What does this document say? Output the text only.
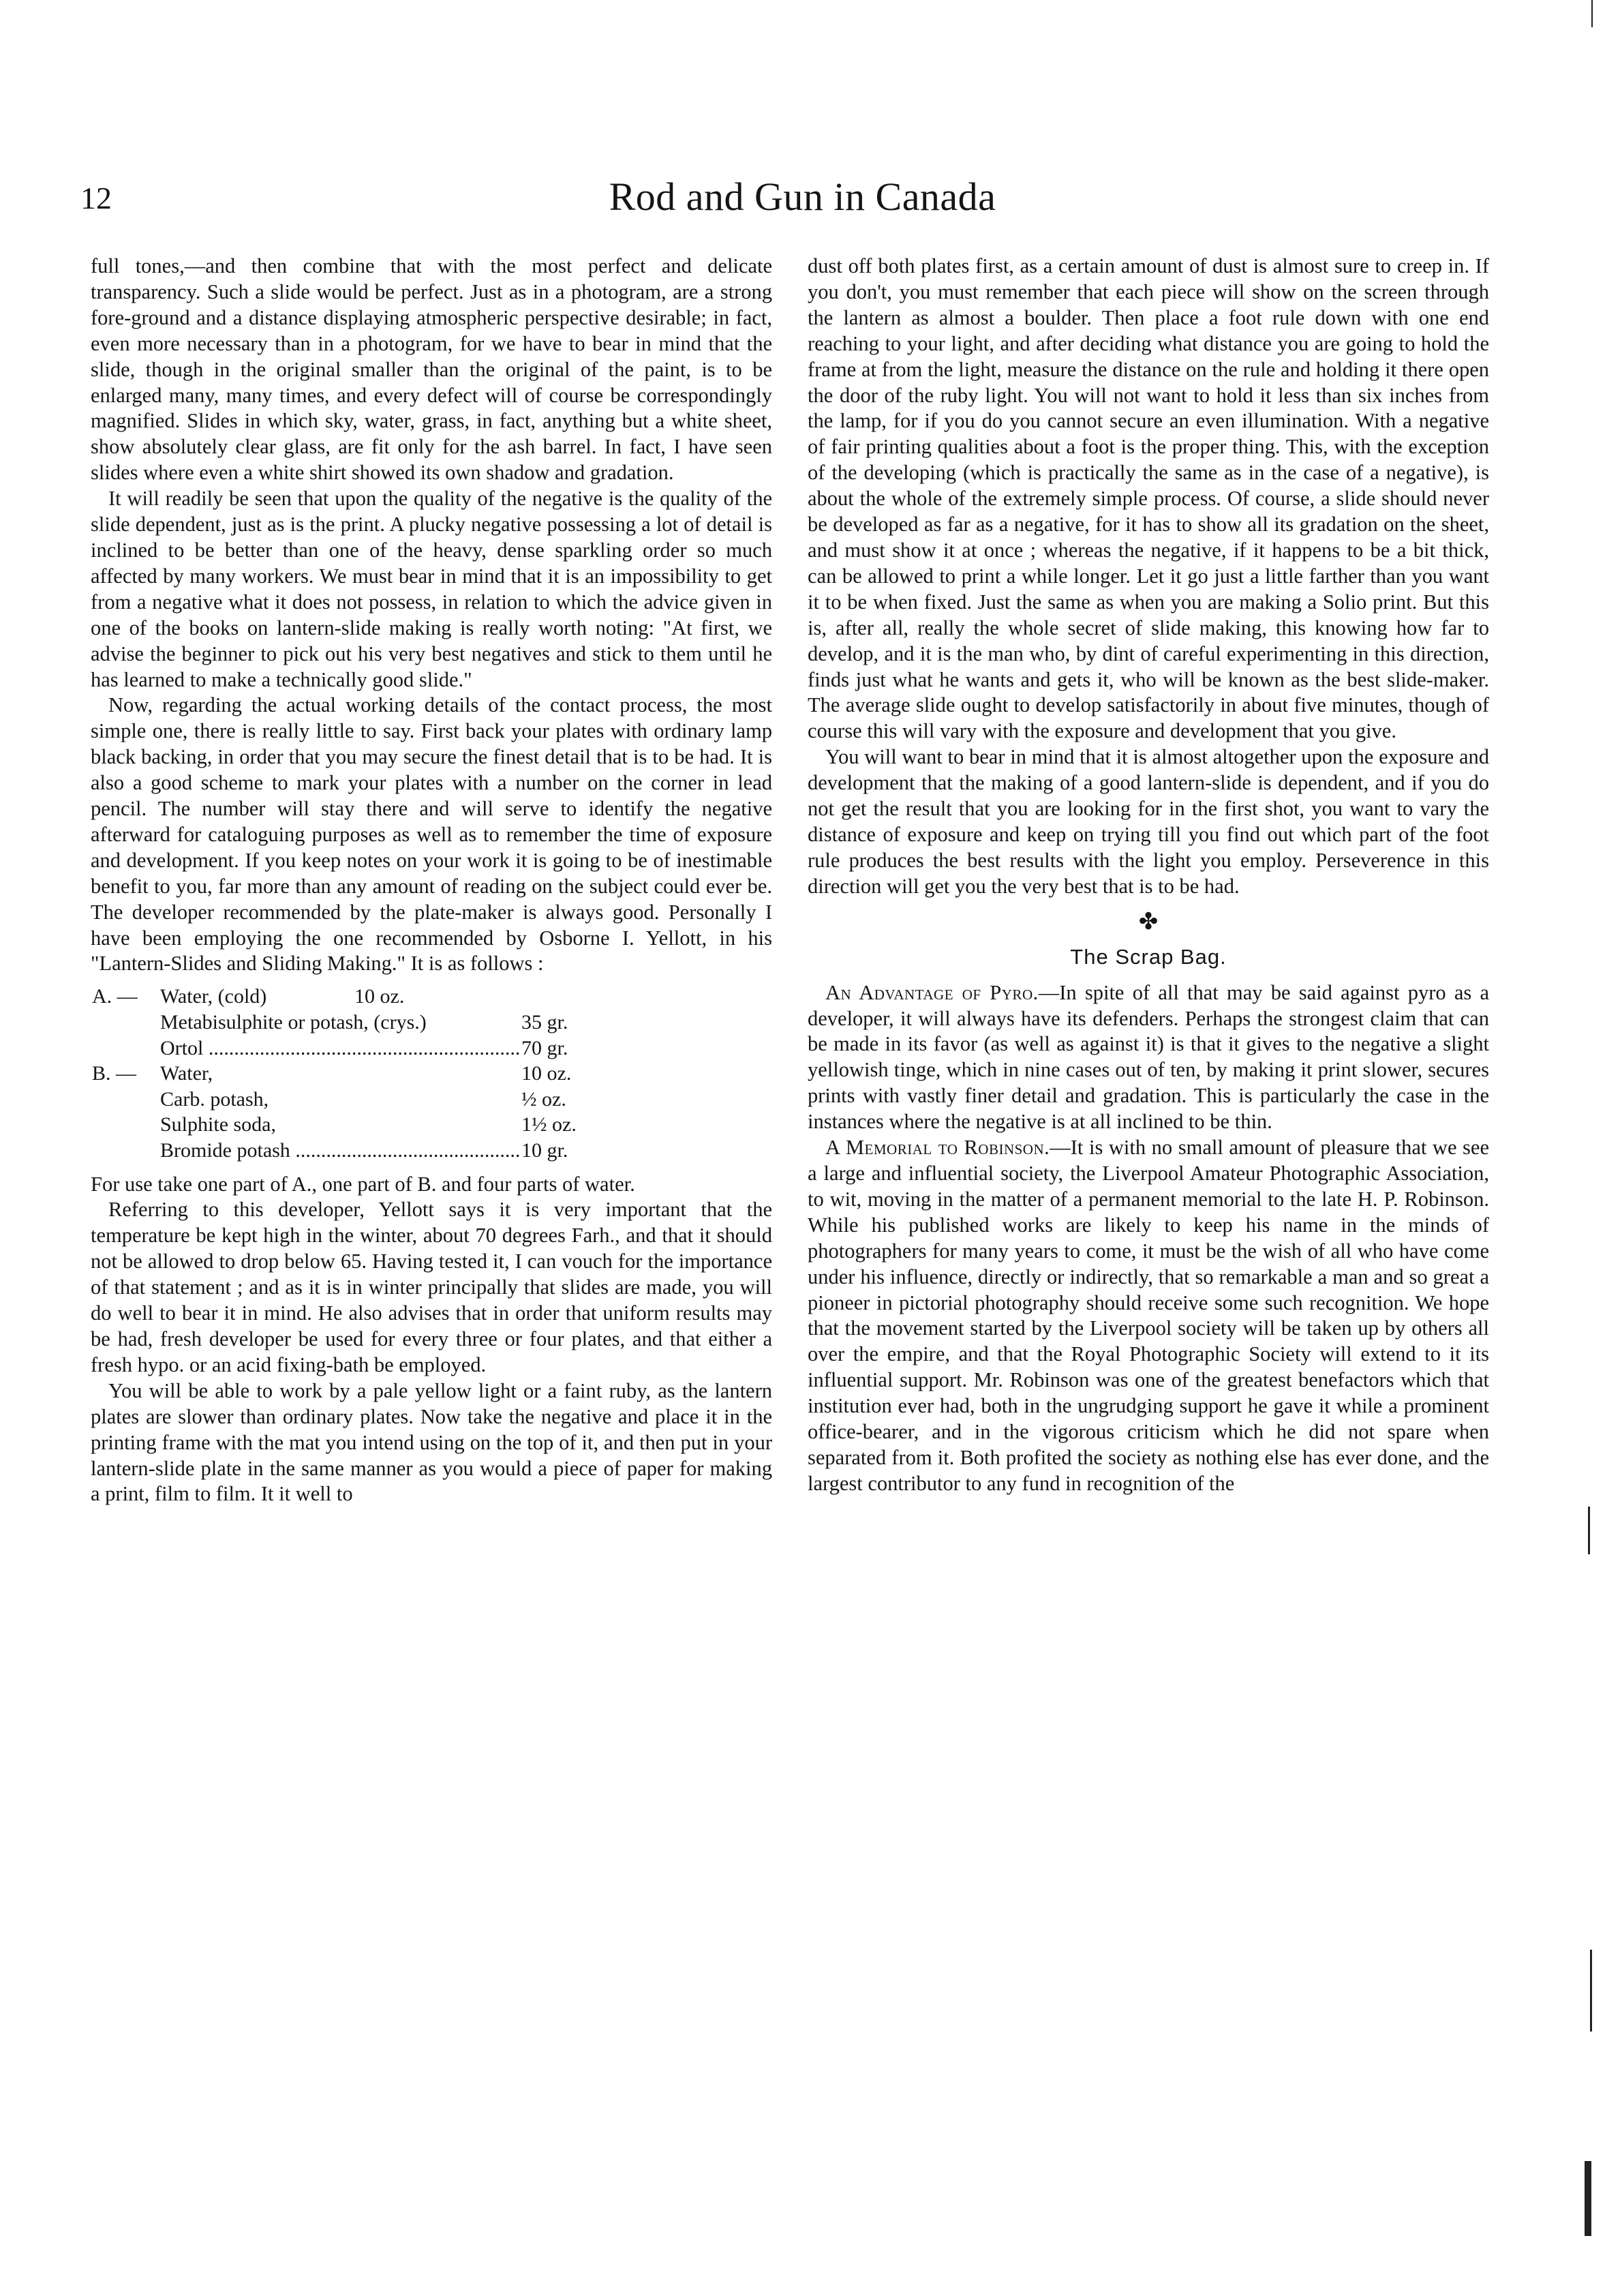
12	Rod and Gun in Canada

full tones,—and then combine that with the most perfect and delicate transparency. Such a slide would be perfect. Just as in a photogram, are a strong fore-ground and a distance displaying atmospheric perspective desirable; in fact, even more necessary than in a photogram, for we have to bear in mind that the slide, though in the original smaller than the original of the paint, is to be enlarged many, many times, and every defect will of course be correspondingly magnified. Slides in which sky, water, grass, in fact, anything but a white sheet, show absolutely clear glass, are fit only for the ash barrel. In fact, I have seen slides where even a white shirt showed its own shadow and gradation.

It will readily be seen that upon the quality of the negative is the quality of the slide dependent, just as is the print. A plucky negative possessing a lot of detail is inclined to be better than one of the heavy, dense sparkling order so much affected by many workers. We must bear in mind that it is an impossibility to get from a negative what it does not possess, in relation to which the advice given in one of the books on lantern-slide making is really worth noting: "At first, we advise the beginner to pick out his very best negatives and stick to them until he has learned to make a technically good slide."

Now, regarding the actual working details of the contact process, the most simple one, there is really little to say. First back your plates with ordinary lamp black backing, in order that you may secure the finest detail that is to be had. It is also a good scheme to mark your plates with a number on the corner in lead pencil. The number will stay there and will serve to identify the negative afterward for cataloguing purposes as well as to remember the time of exposure and development. If you keep notes on your work it is going to be of inestimable benefit to you, far more than any amount of reading on the subject could ever be. The developer recommended by the plate-maker is always good. Personally I have been employing the one recommended by Osborne I. Yellott, in his "Lantern-Slides and Sliding Making." It is as follows :

A. —	Water, (cold)	10 oz.
Metabisulphite or potash, (crys.)	35 gr.
Ortol .....	70 gr.
B. —	Water,	10 oz.
Carb. potash,	½ oz.
Sulphite soda,	1½ oz.
Bromide potash .....	10 gr.

For use take one part of A., one part of B. and four parts of water.

Referring to this developer, Yellott says it is very important that the temperature be kept high in the winter, about 70 degrees Farh., and that it should not be allowed to drop below 65. Having tested it, I can vouch for the importance of that statement ; and as it is in winter principally that slides are made, you will do well to bear it in mind. He also advises that in order that uniform results may be had, fresh developer be used for every three or four plates, and that either a fresh hypo. or an acid fixing-bath be employed.

You will be able to work by a pale yellow light or a faint ruby, as the lantern plates are slower than ordinary plates. Now take the negative and place it in the printing frame with the mat you intend using on the top of it, and then put in your lantern-slide plate in the same manner as you would a piece of paper for making a print, film to film. It it well to

dust off both plates first, as a certain amount of dust is almost sure to creep in. If you don't, you must remember that each piece will show on the screen through the lantern as almost a boulder. Then place a foot rule down with one end reaching to your light, and after deciding what distance you are going to hold the frame at from the light, measure the distance on the rule and holding it there open the door of the ruby light. You will not want to hold it less than six inches from the lamp, for if you do you cannot secure an even illumination. With a negative of fair printing qualities about a foot is the proper thing. This, with the exception of the developing (which is practically the same as in the case of a negative), is about the whole of the extremely simple process. Of course, a slide should never be developed as far as a negative, for it has to show all its gradation on the sheet, and must show it at once ; whereas the negative, if it happens to be a bit thick, can be allowed to print a while longer. Let it go just a little farther than you want it to be when fixed. Just the same as when you are making a Solio print. But this is, after all, really the whole secret of slide making, this knowing how far to develop, and it is the man who, by dint of careful experimenting in this direction, finds just what he wants and gets it, who will be known as the best slide-maker. The average slide ought to develop satisfactorily in about five minutes, though of course this will vary with the exposure and development that you give.

You will want to bear in mind that it is almost altogether upon the exposure and development that the making of a good lantern-slide is dependent, and if you do not get the result that you are looking for in the first shot, you want to vary the distance of exposure and keep on trying till you find out which part of the foot rule produces the best results with the light you employ. Perseverence in this direction will get you the very best that is to be had.

✤
The Scrap Bag.

An Advantage of Pyro.—In spite of all that may be said against pyro as a developer, it will always have its defenders. Perhaps the strongest claim that can be made in its favor (as well as against it) is that it gives to the negative a slight yellowish tinge, which in nine cases out of ten, by making it print slower, secures prints with vastly finer detail and gradation. This is particularly the case in the instances where the negative is at all inclined to be thin.

A Memorial to Robinson.—It is with no small amount of pleasure that we see a large and influential society, the Liverpool Amateur Photographic Association, to wit, moving in the matter of a permanent memorial to the late H. P. Robinson. While his published works are likely to keep his name in the minds of photographers for many years to come, it must be the wish of all who have come under his influence, directly or indirectly, that so remarkable a man and so great a pioneer in pictorial photography should receive some such recognition. We hope that the movement started by the Liverpool society will be taken up by others all over the empire, and that the Royal Photographic Society will extend to it its influential support. Mr. Robinson was one of the greatest benefactors which that institution ever had, both in the ungrudging support he gave it while a prominent office-bearer, and in the vigorous criticism which he did not spare when separated from it. Both profited the society as nothing else has ever done, and the largest contributor to any fund in recognition of the
